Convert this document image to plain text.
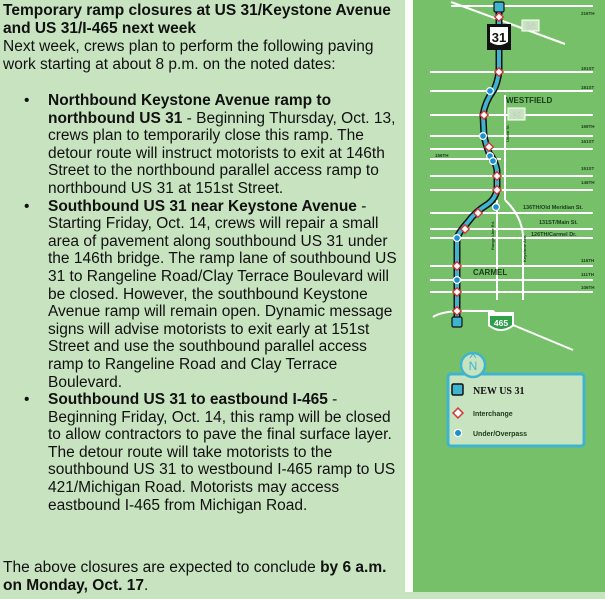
Temporary ramp closures at US 31/Keystone Avenue and US 31/I-465 next week
Next week, crews plan to perform the following paving work starting at about 8 p.m. on the noted dates:
• Northbound Keystone Avenue ramp to northbound US 31 - Beginning Thursday, Oct. 13, crews plan to temporarily close this ramp. The detour route will instruct motorists to exit at 146th Street to the northbound parallel access ramp to northbound US 31 at 151st Street.
• Southbound US 31 near Keystone Avenue - Starting Friday, Oct. 14, crews will repair a small area of pavement along southbound US 31 under the 146th bridge. The ramp lane of southbound US 31 to Rangeline Road/Clay Terrace Boulevard will be closed. However, the southbound Keystone Avenue ramp will remain open. Dynamic message signs will advise motorists to exit early at 151st Street and use the southbound parallel access ramp to Rangeline Road and Clay Terrace Boulevard.
• Southbound US 31 to eastbound I-465 - Beginning Friday, Oct. 14, this ramp will be closed to allow contractors to pave the final surface layer. The detour route will take motorists to the southbound US 31 to westbound I-465 ramp to US 421/Michigan Road. Motorists may access eastbound I-465 from Michigan Road.
The above closures are expected to conclude by 6 a.m. on Monday, Oct. 17.
216TH
191ST
181ST
169TH
161ST
156TH
151ST
146TH
136TH/Old Meridian St.
131ST/Main St.
126TH/Carmel Dr.
116TH
111TH
106TH
Union St.
Range Line Rd.	Keystone Ave.
WESTFIELD
CARMEL
31
38
32
465
N
NEW US 31
Interchange
Under/Overpass
